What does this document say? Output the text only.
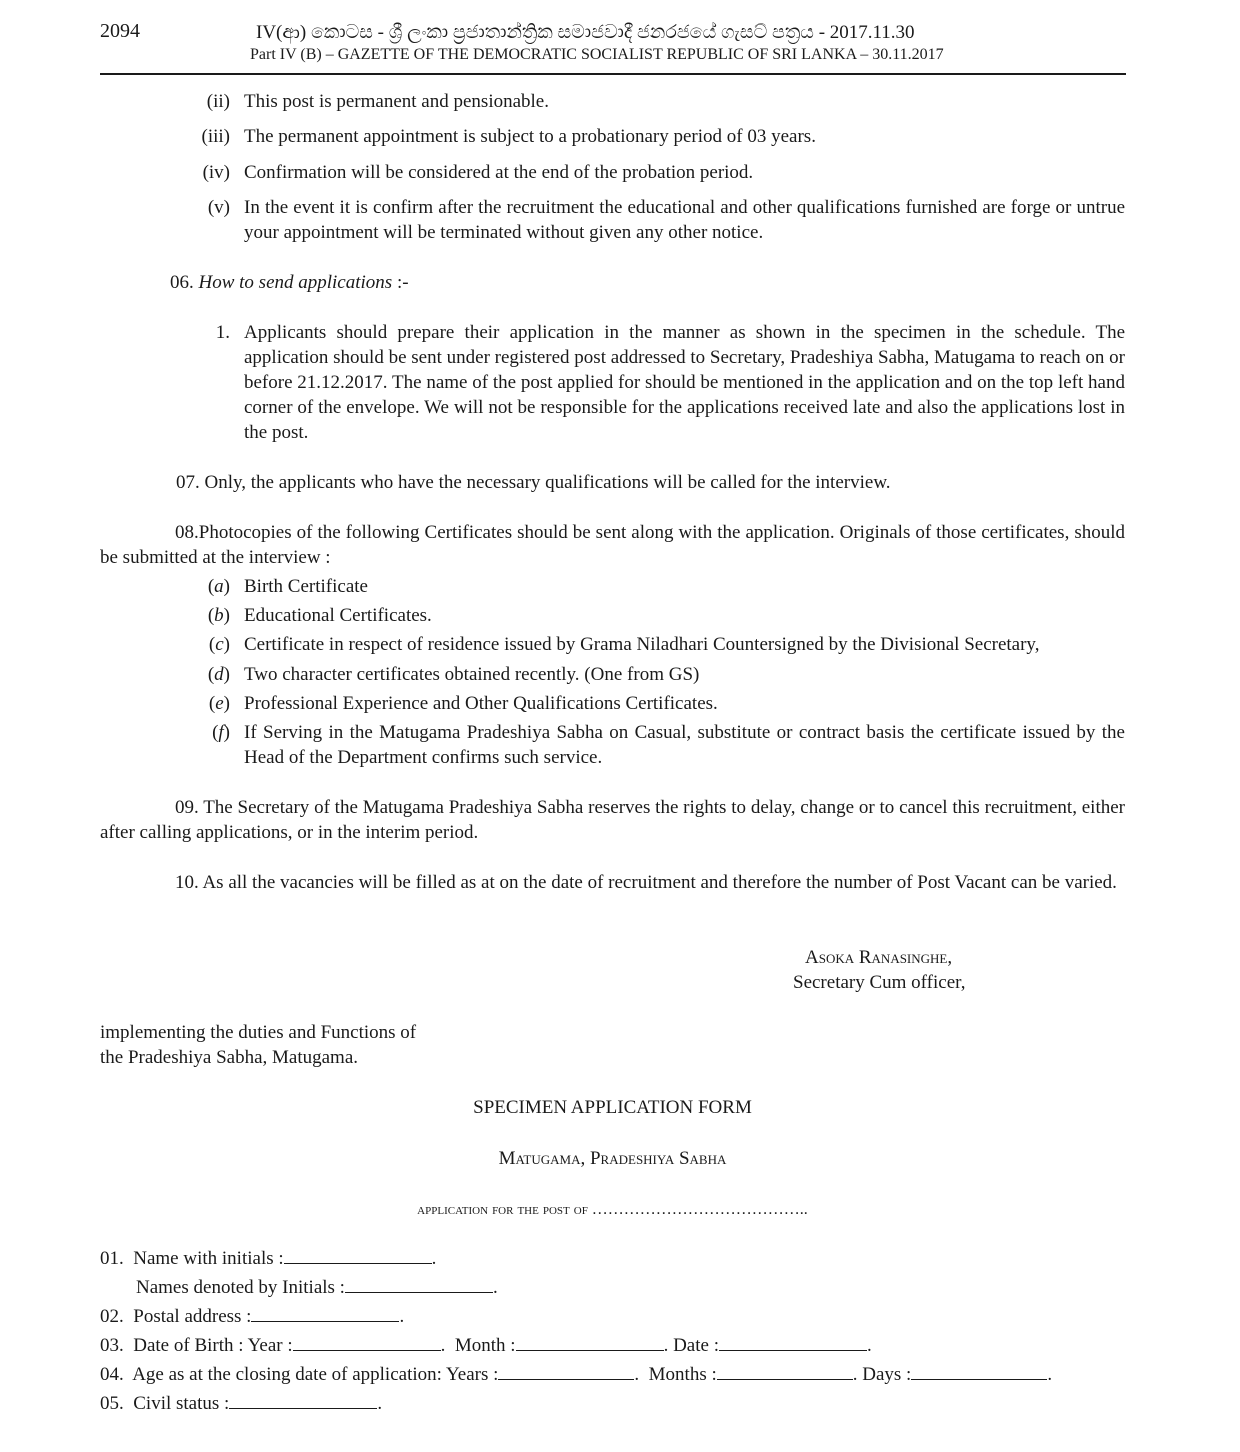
2094	IV(ආ) කොටස - ශ්‍රී ලංකා ප්‍රජාතාන්ත්‍රික සමාජවාදී ජනරජයේ ගැසට් පත්‍රය - 2017.11.30
Part IV (B) – GAZETTE OF THE DEMOCRATIC SOCIALIST REPUBLIC OF SRI LANKA – 30.11.2017
(ii) This post is permanent and pensionable.
(iii) The permanent appointment is subject to a probationary period of 03 years.
(iv) Confirmation will be considered at the end of the probation period.
(v) In the event it is confirm after the recruitment the educational and other qualifications furnished are forge or untrue your appointment will be terminated without given any other notice.
06. How to send applications :-
1. Applicants should prepare their application in the manner as shown in the specimen in the schedule. The application should be sent under registered post addressed to Secretary, Pradeshiya Sabha, Matugama to reach on or before 21.12.2017. The name of the post applied for should be mentioned in the application and on the top left hand corner of the envelope. We will not be responsible for the applications received late and also the applications lost in the post.
07. Only, the applicants who have the necessary qualifications will be called for the interview.
08.Photocopies of the following Certificates should be sent along with the application. Originals of those certificates, should be submitted at the interview :
(a) Birth Certificate
(b) Educational Certificates.
(c) Certificate in respect of residence issued by Grama Niladhari Countersigned by the Divisional Secretary,
(d) Two character certificates obtained recently. (One from GS)
(e) Professional Experience and Other Qualifications Certificates.
(f) If Serving in the Matugama Pradeshiya Sabha on Casual, substitute or contract basis the certificate issued by the Head of the Department confirms such service.
09. The Secretary of the Matugama Pradeshiya Sabha reserves the rights to delay, change or to cancel this recruitment, either after calling applications, or in the interim period.
10. As all the vacancies will be filled as at on the date of recruitment and therefore the number of Post Vacant can be varied.
Asoka Ranasinghe,
Secretary Cum officer,
implementing the duties and Functions of
the Pradeshiya Sabha, Matugama.
SPECIMEN APPLICATION FORM
Matugama, Pradeshiya Sabha
application for the post of …………………………………..
01. Name with initials :	.
Names denoted by Initials :	.
02. Postal address :	.
03. Date of Birth : Year :	.  Month :	. Date :	.
04. Age as at the closing date of application: Years :	.  Months :	. Days :	.
05. Civil status :	.
